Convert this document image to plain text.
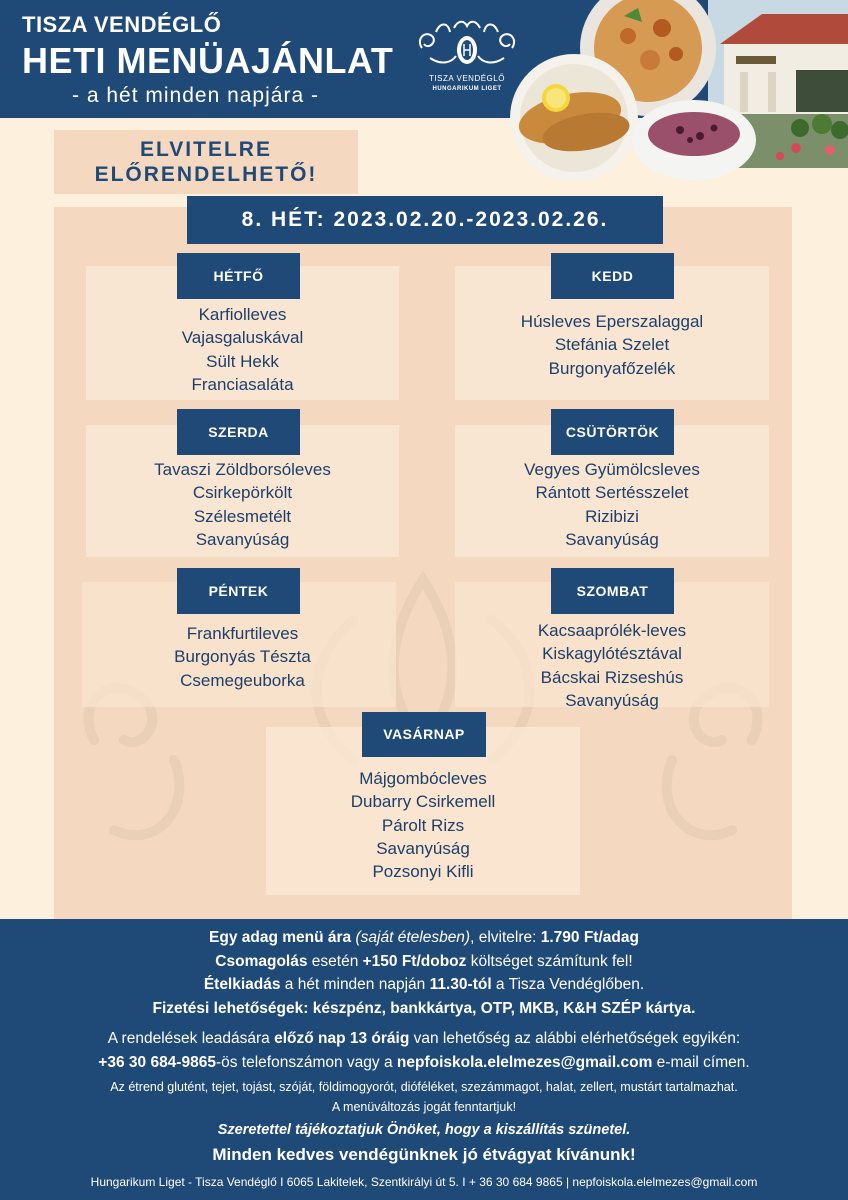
TISZA VENDÉGLŐ
HETI MENÜAJÁNLAT
- a hét minden napjára -
TISZA VENDÉGLŐ
HUNGARIKUM LIGET
ELVITELRE
ELŐRENDELHETŐ!
8. HÉT: 2023.02.20.-2023.02.26.
HÉTFŐ	KEDD
SZERDA	CSÜTÖRTÖK
PÉNTEK	SZOMBAT
VASÁRNAP
Karfiolleves
Vajasgaluskával
Sült Hekk
Franciasaláta
Húsleves Eperszalaggal
Stefánia Szelet
Burgonyafőzelék
Tavaszi Zöldborsóleves
Csirkepörkölt
Szélesmetélt
Savanyúság
Vegyes Gyümölcsleves
Rántott Sertésszelet
Rizibizi
Savanyúság
Frankfurtileves
Burgonyás Tészta
Csemegeuborka
Kacsaaprólék-leves
Kiskagylótésztával
Bácskai Rizseshús
Savanyúság
Májgombócleves
Dubarry Csirkemell
Párolt Rizs
Savanyúság
Pozsonyi Kifli
Egy adag menü ára (saját ételesben), elvitelre: 1.790 Ft/adag
Csomagolás esetén +150 Ft/doboz költséget számítunk fel!
Ételkiadás a hét minden napján 11.30-tól a Tisza Vendéglőben.
Fizetési lehetőségek: készpénz, bankkártya, OTP, MKB, K&H SZÉP kártya.
A rendelések leadására előző nap 13 óráig van lehetőség az alábbi elérhetőségek egyikén:
+36 30 684-9865-ös telefonszámon vagy a nepfoiskola.elelmezes@gmail.com e-mail címen.
Az étrend glutént, tejet, tojást, szóját, földimogyorót, dióféléket, szezámmagot, halat, zellert, mustárt tartalmazhat.
A menüváltozás jogát fenntartjuk!
Szeretettel tájékoztatjuk Önöket, hogy a kiszállítás szünetel.
Minden kedves vendégünknek jó étvágyat kívánunk!
Hungarikum Liget - Tisza Vendéglő I 6065 Lakitelek, Szentkirályi út 5. I + 36 30 684 9865 | nepfoiskola.elelmezes@gmail.com
